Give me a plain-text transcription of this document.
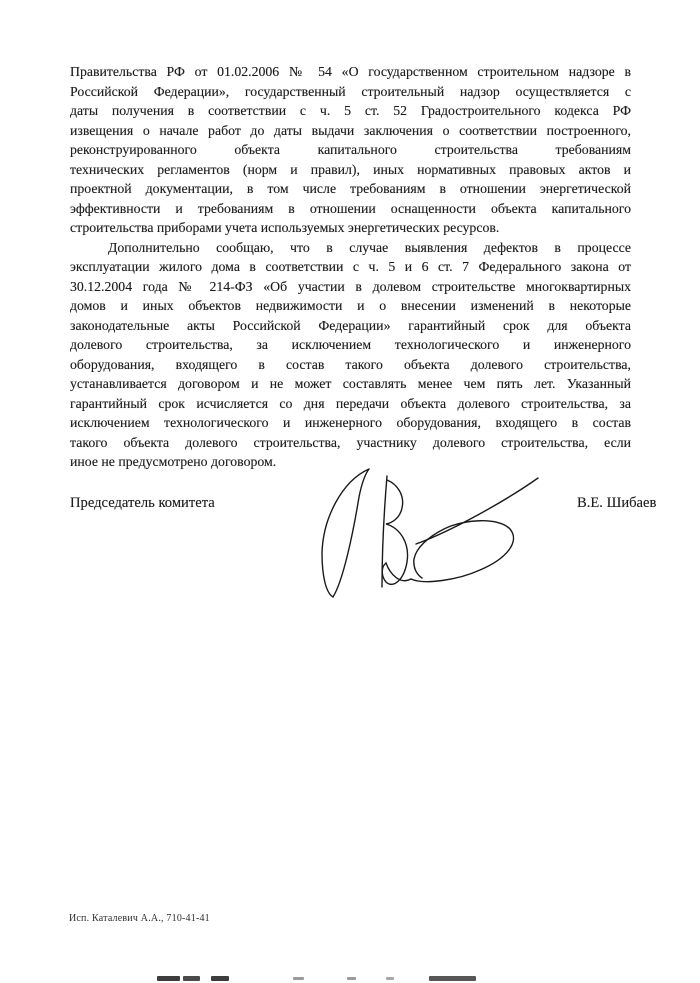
Правительства РФ от 01.02.2006 № 54 «О государственном строительном надзоре в
Российской Федерации», государственный строительный надзор осуществляется с
даты получения в соответствии с ч. 5 ст. 52 Градостроительного кодекса РФ
извещения о начале работ до даты выдачи заключения о соответствии построенного,
реконструированного объекта капитального строительства требованиям
технических регламентов (норм и правил), иных нормативных правовых актов и
проектной документации, в том числе требованиям в отношении энергетической
эффективности и требованиям в отношении оснащенности объекта капитального
строительства приборами учета используемых энергетических ресурсов.
Дополнительно сообщаю, что в случае выявления дефектов в процессе
эксплуатации жилого дома в соответствии с ч. 5 и 6 ст. 7 Федерального закона от
30.12.2004 года № 214-ФЗ «Об участии в долевом строительстве многоквартирных
домов и иных объектов недвижимости и о внесении изменений в некоторые
законодательные акты Российской Федерации» гарантийный срок для объекта
долевого строительства, за исключением технологического и инженерного
оборудования, входящего в состав такого объекта долевого строительства,
устанавливается договором и не может составлять менее чем пять лет. Указанный
гарантийный срок исчисляется со дня передачи объекта долевого строительства, за
исключением технологического и инженерного оборудования, входящего в состав
такого объекта долевого строительства, участнику долевого строительства, если
иное не предусмотрено договором.
Председатель комитета	В.Е. Шибаев
Исп. Каталевич А.А., 710-41-41
